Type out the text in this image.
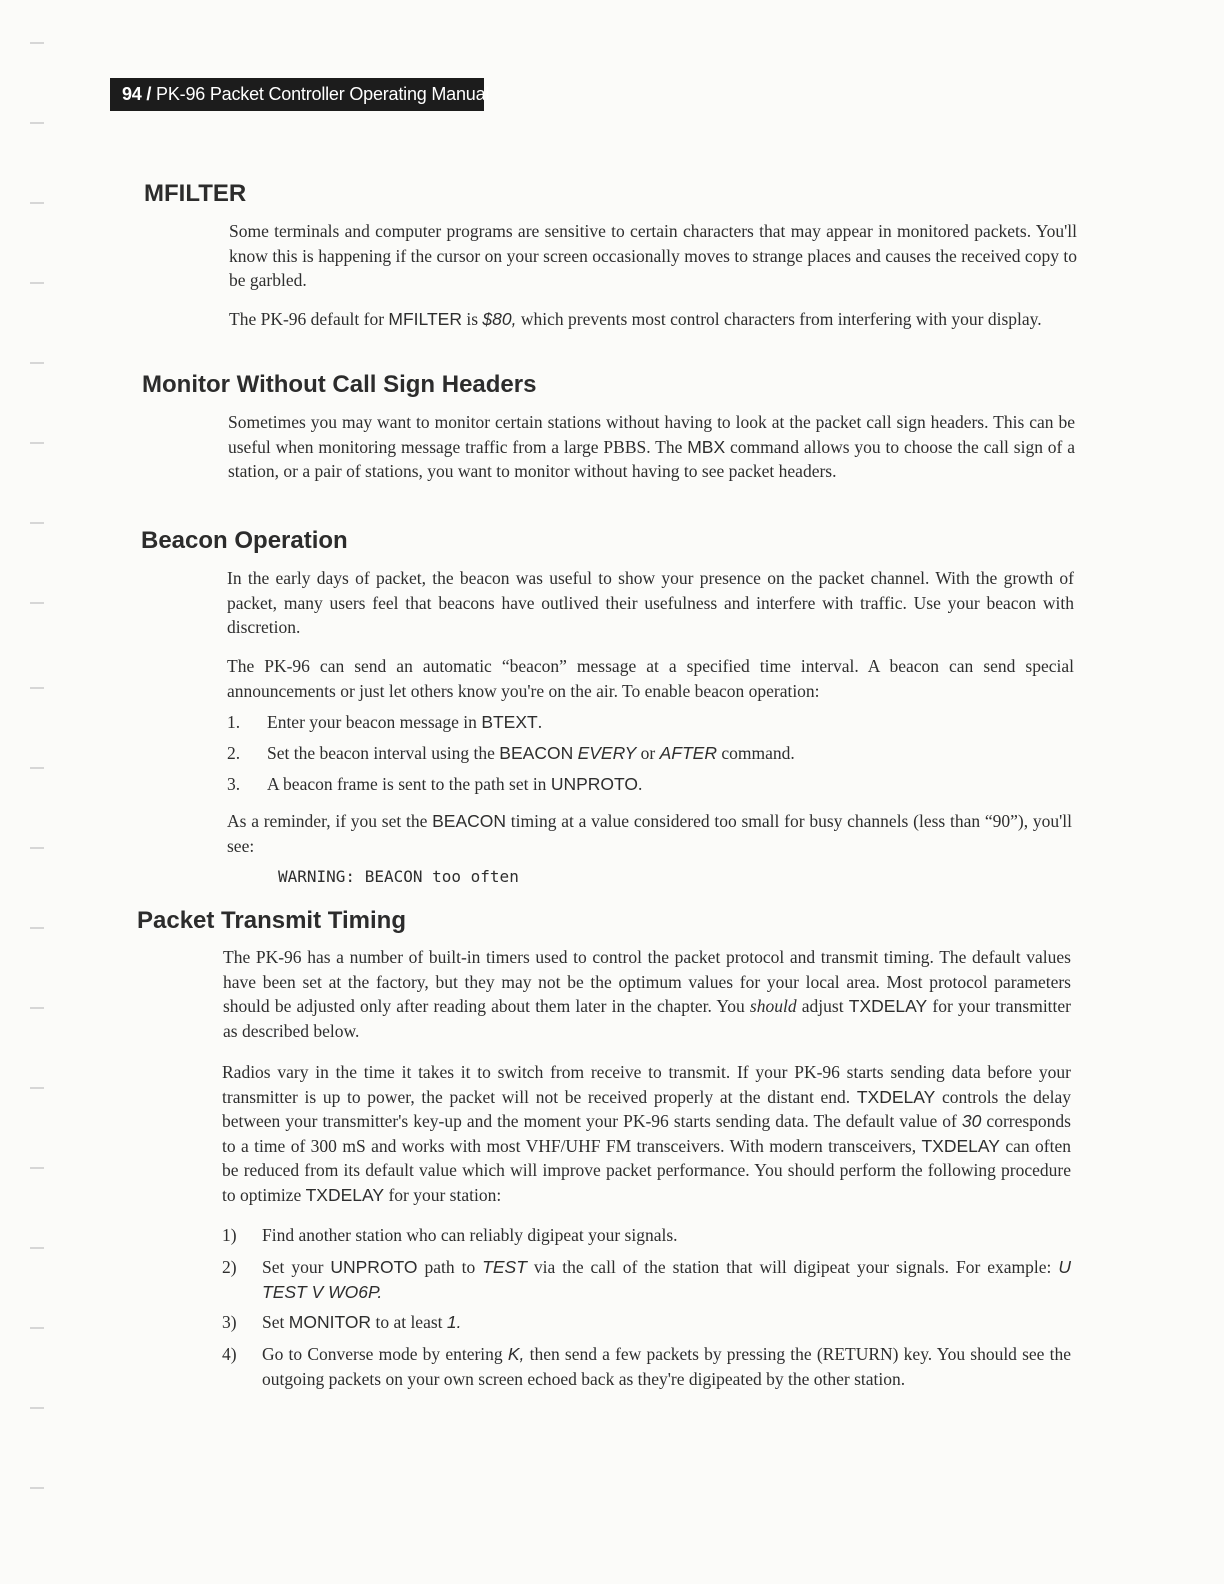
94 / PK-96 Packet Controller Operating Manual
MFILTER

Some terminals and computer programs are sensitive to certain characters that may appear in monitored packets. You'll know this is happening if the cursor on your screen occasionally moves to strange places and causes the received copy to be garbled.

The PK-96 default for MFILTER is $80, which prevents most control characters from interfering with your display.

Monitor Without Call Sign Headers

Sometimes you may want to monitor certain stations without having to look at the packet call sign headers. This can be useful when monitoring message traffic from a large PBBS. The MBX command allows you to choose the call sign of a station, or a pair of stations, you want to monitor without having to see packet headers.

Beacon Operation

In the early days of packet, the beacon was useful to show your presence on the packet channel. With the growth of packet, many users feel that beacons have outlived their usefulness and interfere with traffic. Use your beacon with discretion.

The PK-96 can send an automatic “beacon” message at a specified time interval. A beacon can send special announcements or just let others know you're on the air. To enable beacon operation:

1. Enter your beacon message in BTEXT.
2. Set the beacon interval using the BEACON EVERY or AFTER command.
3. A beacon frame is sent to the path set in UNPROTO.

As a reminder, if you set the BEACON timing at a value considered too small for busy channels (less than “90”), you'll see:

WARNING: BEACON too often
Packet Transmit Timing

The PK-96 has a number of built-in timers used to control the packet protocol and transmit timing. The default values have been set at the factory, but they may not be the optimum values for your local area. Most protocol parameters should be adjusted only after reading about them later in the chapter. You should adjust TXDELAY for your transmitter as described below.

Radios vary in the time it takes it to switch from receive to transmit. If your PK-96 starts sending data before your transmitter is up to power, the packet will not be received properly at the distant end. TXDELAY controls the delay between your transmitter's key-up and the moment your PK-96 starts sending data. The default value of 30 corresponds to a time of 300 mS and works with most VHF/UHF FM transceivers. With modern transceivers, TXDELAY can often be reduced from its default value which will improve packet performance. You should perform the following procedure to optimize TXDELAY for your station:

1) Find another station who can reliably digipeat your signals.
2) Set your UNPROTO path to TEST via the call of the station that will digipeat your signals. For example: U TEST V WO6P.
3) Set MONITOR to at least 1.
4) Go to Converse mode by entering K, then send a few packets by pressing the (RETURN) key. You should see the outgoing packets on your own screen echoed back as they're digipeated by the other station.
